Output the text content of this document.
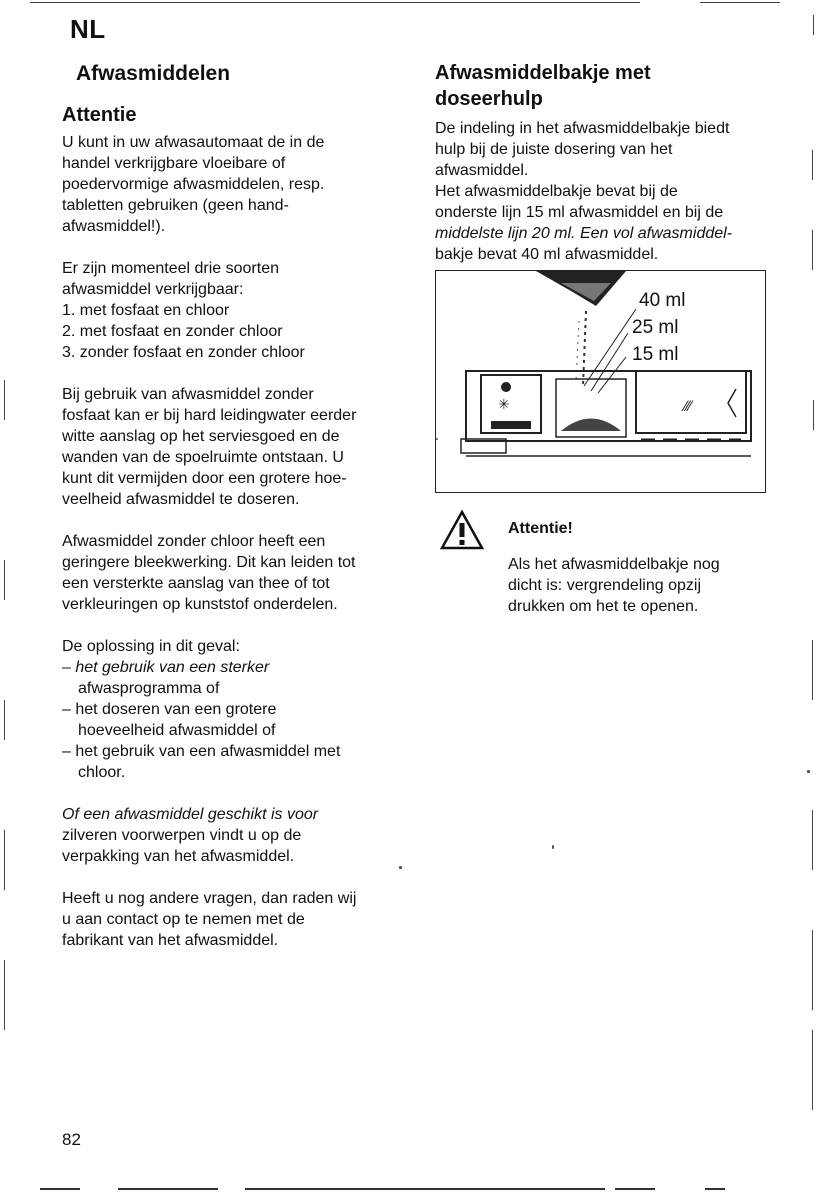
NL
Afwasmiddelen
Attentie

U kunt in uw afwasautomaat de in de

handel verkrijgbare vloeibare of

poedervormige afwasmiddelen, resp.

tabletten gebruiken (geen hand-

afwasmiddel!).

Er zijn momenteel drie soorten

afwasmiddel verkrijgbaar:

1. met fosfaat en chloor
2. met fosfaat en zonder chloor
3. zonder fosfaat en zonder chloor

Bij gebruik van afwasmiddel zonder

fosfaat kan er bij hard leidingwater eerder

witte aanslag op het serviesgoed en de

wanden van de spoelruimte ontstaan. U

kunt dit vermijden door een grotere hoe-

veelheid afwasmiddel te doseren.

Afwasmiddel zonder chloor heeft een

geringere bleekwerking. Dit kan leiden tot

een versterkte aanslag van thee of tot

verkleuringen op kunststof onderdelen.

De oplossing in dit geval:

– het gebruik van een sterker
afwasprogramma of
– het doseren van een grotere
hoeveelheid afwasmiddel of
– het gebruik van een afwasmiddel met
chloor.

Of een afwasmiddel geschikt is voor

zilveren voorwerpen vindt u op de

verpakking van het afwasmiddel.

Heeft u nog andere vragen, dan raden wij

u aan contact op te nemen met de

fabrikant van het afwasmiddel.

Afwasmiddelbakje met
doseerhulp

De indeling in het afwasmiddelbakje biedt

hulp bij de juiste dosering van het

afwasmiddel.

Het afwasmiddelbakje bevat bij de

onderste lijn 15 ml afwasmiddel en bij de

middelste lijn 20 ml. Een vol afwasmiddel-

bakje bevat 40 ml afwasmiddel.

✳	⁄⁄⁄
40 ml
25 ml
15 ml
Attentie!
Als het afwasmiddelbakje nog
dicht is: vergrendeling opzij
drukken om het te openen.
82
